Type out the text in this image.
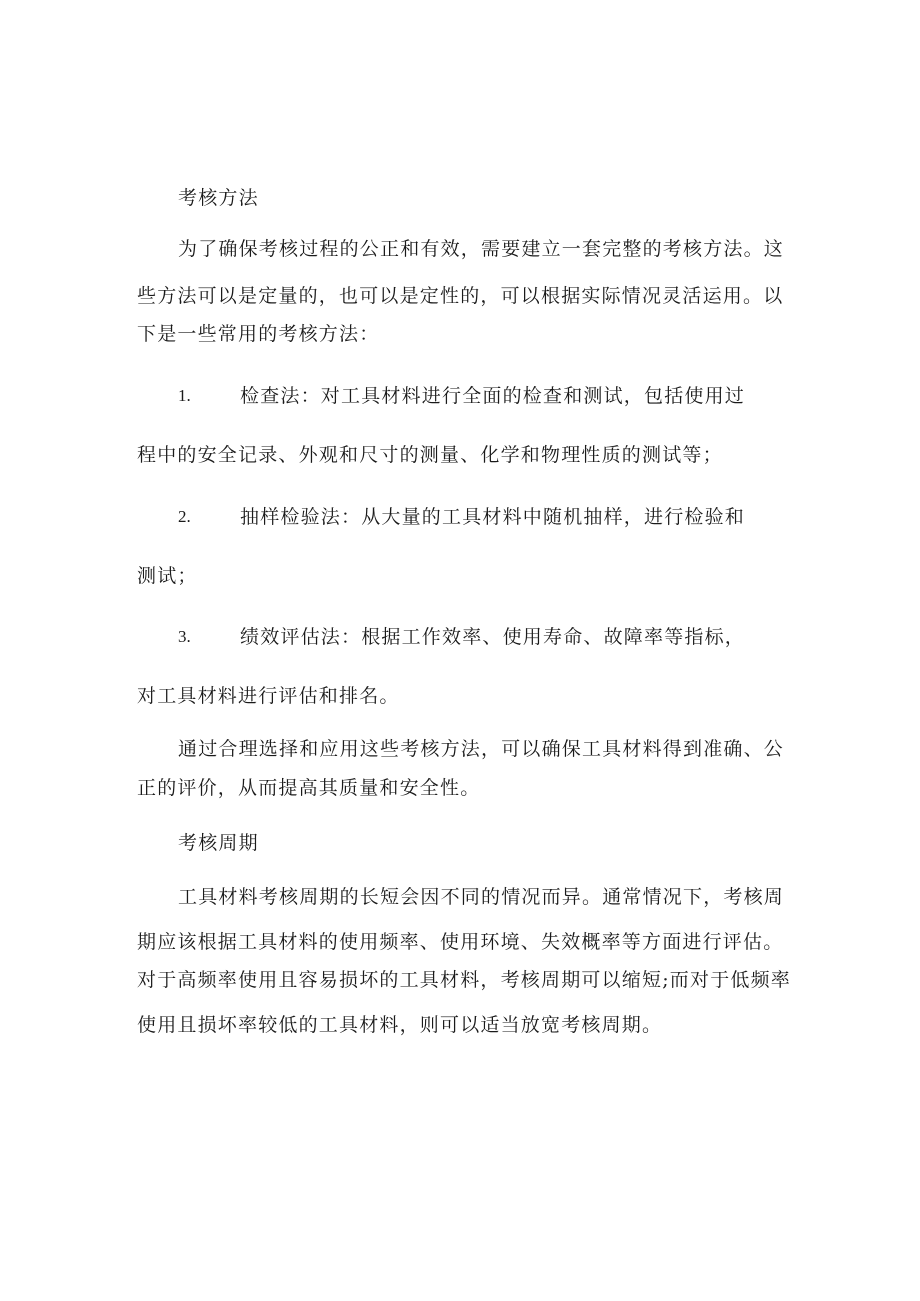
考核方法
为了确保考核过程的公正和有效，需要建立一套完整的考核方法。这
些方法可以是定量的，也可以是定性的，可以根据实际情况灵活运用。以
下是一些常用的考核方法：
1.	检查法：对工具材料进行全面的检查和测试，包括使用过
程中的安全记录、外观和尺寸的测量、化学和物理性质的测试等；
2.	抽样检验法：从大量的工具材料中随机抽样，进行检验和
测试；
3.	绩效评估法：根据工作效率、使用寿命、故障率等指标，
对工具材料进行评估和排名。
通过合理选择和应用这些考核方法，可以确保工具材料得到准确、公
正的评价，从而提高其质量和安全性。
考核周期
工具材料考核周期的长短会因不同的情况而异。通常情况下，考核周
期应该根据工具材料的使用频率、使用环境、失效概率等方面进行评估。
对于高频率使用且容易损坏的工具材料，考核周期可以缩短;而对于低频率
使用且损坏率较低的工具材料，则可以适当放宽考核周期。
